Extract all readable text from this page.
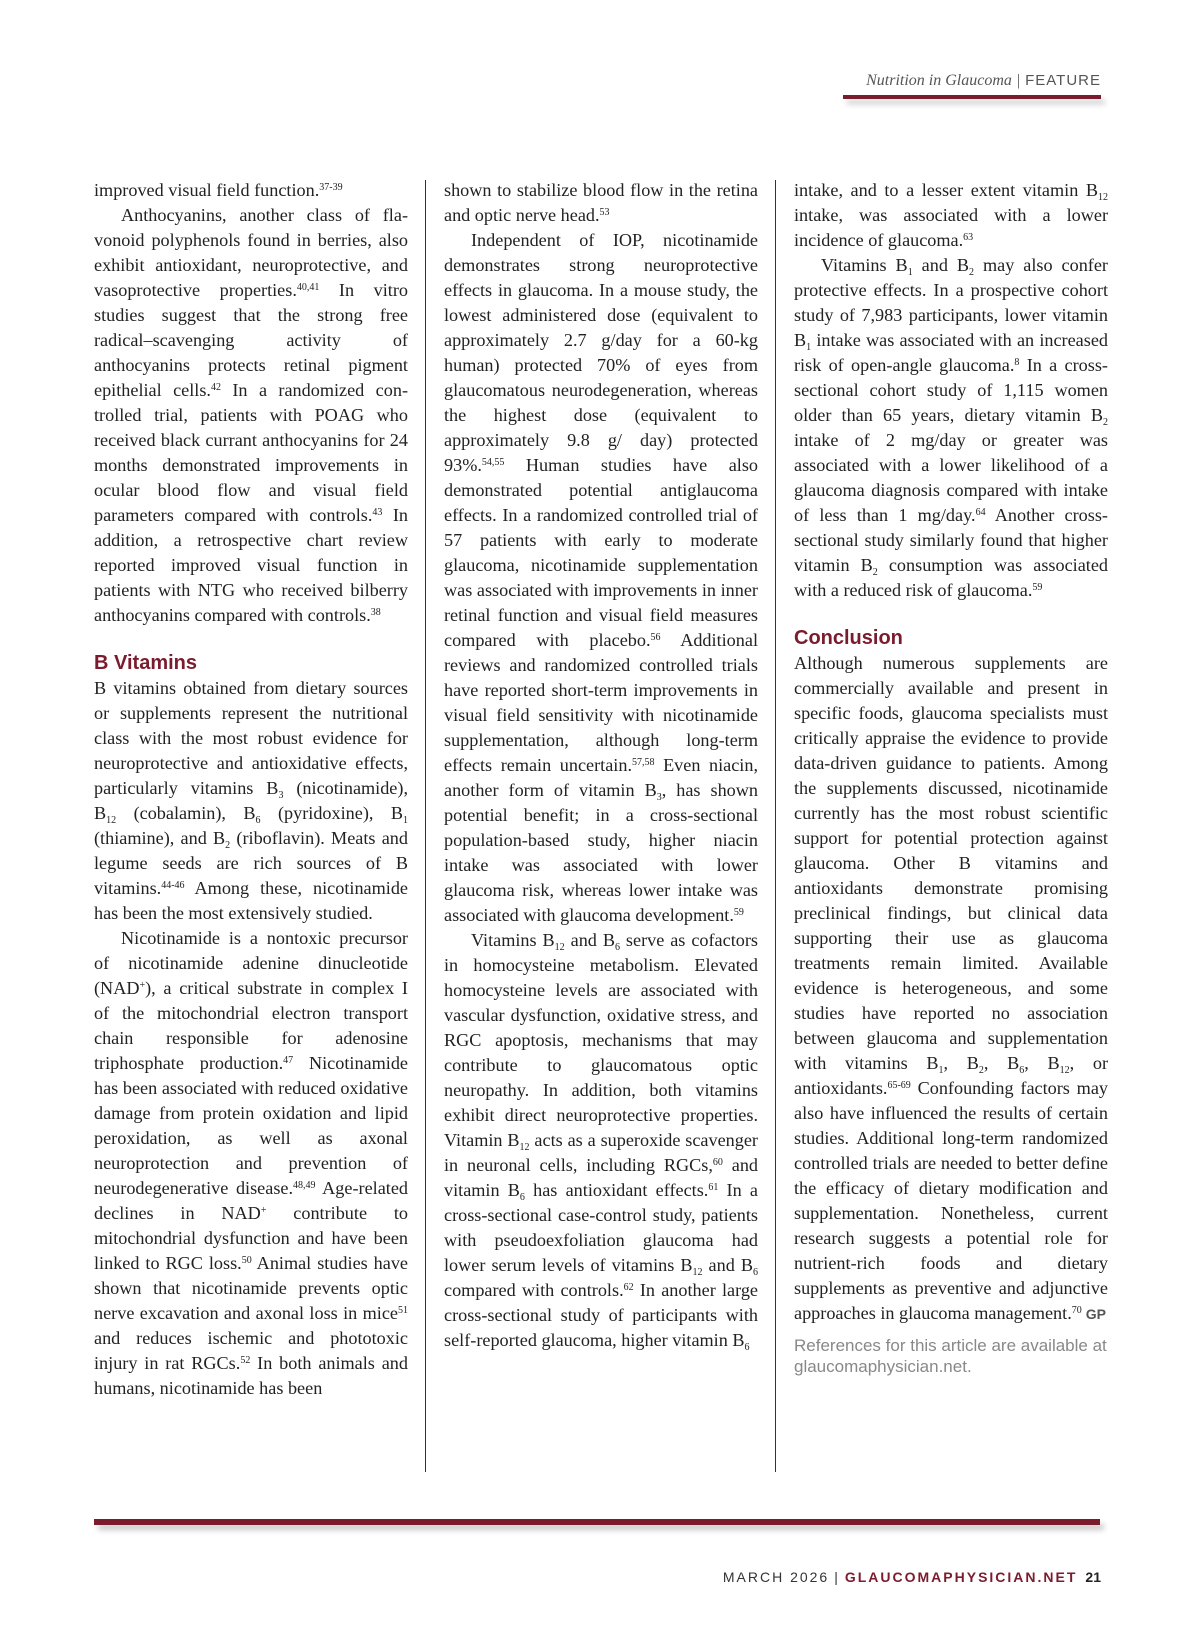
Nutrition in Glaucoma | FEATURE

improved visual field function.$^{37-39}$

Anthocyanins, another class of flavonoid polyphenols found in berries, also exhibit antioxidant, neuroprotective, and vasoprotective properties.$^{40,41}$ In vitro studies suggest that the strong free radical–scavenging activity of anthocyanins protects retinal pigment epithelial cells.$^{42}$ In a randomized controlled trial, patients with POAG who received black currant anthocyanins for 24 months demonstrated improvements in ocular blood flow and visual field parameters compared with controls.$^{43}$ In addition, a retrospective chart review reported improved visual function in patients with NTG who received bilberry anthocyanins compared with controls.$^{38}$

B Vitamins

B vitamins obtained from dietary sources or supplements represent the nutritional class with the most robust evidence for neuroprotective and antioxidative effects, particularly vitamins $B_3$ (nicotinamide), $B_{12}$ (cobalamin), $B_6$ (pyridoxine), $B_1$ (thiamine), and $B_2$ (riboflavin). Meats and legume seeds are rich sources of B vitamins.$^{44-46}$ Among these, nicotinamide has been the most extensively studied.

Nicotinamide is a nontoxic precursor of nicotinamide adenine dinucleotide (NAD+), a critical substrate in complex I of the mitochondrial electron transport chain responsible for adenosine triphosphate production.$^{47}$ Nicotinamide has been associated with reduced oxidative damage from protein oxidation and lipid peroxidation, as well as axonal neuroprotection and prevention of neurodegenerative disease.$^{48,49}$ Age-related declines in NAD+ contribute to mitochondrial dysfunction and have been linked to RGC loss.$^{50}$ Animal studies have shown that nicotinamide prevents optic nerve excavation and axonal loss in mice$^{51}$ and reduces ischemic and phototoxic injury in rat RGCs.$^{52}$ In both animals and humans, nicotinamide has been

shown to stabilize blood flow in the retina and optic nerve head.$^{53}$

Independent of IOP, nicotinamide demonstrates strong neuroprotective effects in glaucoma. In a mouse study, the lowest administered dose (equivalent to approximately 2.7 g/day for a 60-kg human) protected 70% of eyes from glaucomatous neurodegeneration, whereas the highest dose (equivalent to approximately 9.8 g/ day) protected 93%.$^{54,55}$ Human studies have also demonstrated potential antiglaucoma effects. In a randomized controlled trial of 57 patients with early to moderate glaucoma, nicotinamide supplementation was associated with improvements in inner retinal function and visual field measures compared with placebo.$^{56}$ Additional reviews and randomized controlled trials have reported short-term improvements in visual field sensitivity with nicotinamide supplementation, although long-term effects remain uncertain.$^{57,58}$ Even niacin, another form of vitamin $B_3$, has shown potential benefit; in a cross-sectional population-based study, higher niacin intake was associated with lower glaucoma risk, whereas lower intake was associated with glaucoma development.$^{59}$

Vitamins $B_{12}$ and $B_6$ serve as cofactors in homocysteine metabolism. Elevated homocysteine levels are associated with vascular dysfunction, oxidative stress, and RGC apoptosis, mechanisms that may contribute to glaucomatous optic neuropathy. In addition, both vitamins exhibit direct neuroprotective properties. Vitamin $B_{12}$ acts as a superoxide scavenger in neuronal cells, including RGCs,$^{60}$ and vitamin $B_6$ has antioxidant effects.$^{61}$ In a cross-sectional case-control study, patients with pseudoexfoliation glaucoma had lower serum levels of vitamins $B_{12}$ and $B_6$ compared with controls.$^{62}$ In another large cross-sectional study of participants with self-reported glaucoma, higher vitamin $B_6$

intake, and to a lesser extent vitamin $B_{12}$ intake, was associated with a lower incidence of glaucoma.$^{63}$

Vitamins $B_1$ and $B_2$ may also confer protective effects. In a prospective cohort study of 7,983 participants, lower vitamin $B_1$ intake was associated with an increased risk of open-angle glaucoma.$^8$ In a cross-sectional cohort study of 1,115 women older than 65 years, dietary vitamin $B_2$ intake of 2 mg/day or greater was associated with a lower likelihood of a glaucoma diagnosis compared with intake of less than 1 mg/day.$^{64}$ Another cross-sectional study similarly found that higher vitamin $B_2$ consumption was associated with a reduced risk of glaucoma.$^{59}$

Conclusion

Although numerous supplements are commercially available and present in specific foods, glaucoma specialists must critically appraise the evidence to provide data-driven guidance to patients. Among the supplements discussed, nicotinamide currently has the most robust scientific support for potential protection against glaucoma. Other B vitamins and antioxidants demonstrate promising preclinical findings, but clinical data supporting their use as glaucoma treatments remain limited. Available evidence is heterogeneous, and some studies have reported no association between glaucoma and supplementation with vitamins $B_1$, $B_2$, $B_6$, $B_{12}$, or antioxidants.$^{65-69}$ Confounding factors may also have influenced the results of certain studies. Additional long-term randomized controlled trials are needed to better define the efficacy of dietary modification and supplementation. Nonetheless, current research suggests a potential role for nutrient-rich foods and dietary supplements as preventive and adjunctive approaches in glaucoma management.$^{70}$ GP

References for this article are available at glaucomaphysician.net.
MARCH 2026 | GLAUCOMAPHYSICIAN.NET 21
